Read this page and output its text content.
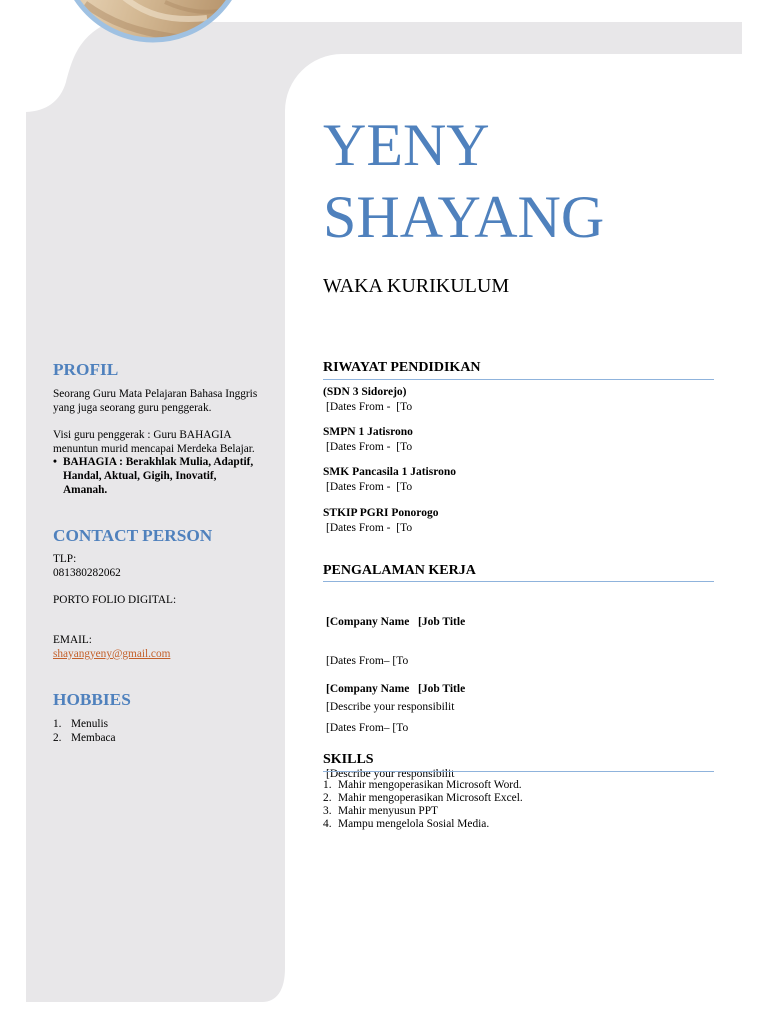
YENY
SHAYANG
WAKA KURIKULUM
PROFIL
Seorang Guru Mata Pelajaran Bahasa Inggris
yang juga seorang guru penggerak.
Visi guru penggerak : Guru BAHAGIA
menuntun murid mencapai Merdeka Belajar.
• BAHAGIA : Berakhlak Mulia, Adaptif,
Handal, Aktual, Gigih, Inovatif,
Amanah.
CONTACT PERSON
TLP:
081380282062
PORTO FOLIO DIGITAL:
EMAIL:
shayangyeny@gmail.com
HOBBIES
1. Menulis
2. Membaca
RIWAYAT PENDIDIKAN
(SDN 3 Sidorejo)
[Dates From -  [To
SMPN 1 Jatisrono
[Dates From -  [To
SMK Pancasila 1 Jatisrono
[Dates From -  [To
STKIP PGRI Ponorogo
[Dates From -  [To
PENGALAMAN KERJA

[Company Name   [Job Title

[Dates From– [To

[Describe your responsibilit

[Company Name   [Job Title

[Dates From– [To

[Describe your responsibilit

SKILLS
1. Mahir mengoperasikan Microsoft Word.
2. Mahir mengoperasikan Microsoft Excel.
3. Mahir menyusun PPT
4. Mampu mengelola Sosial Media.
